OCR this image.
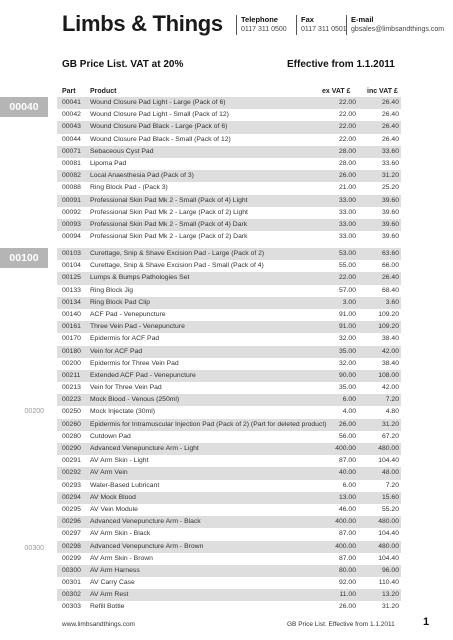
Limbs & Things Telephone
0117 311 0500
Fax
0117 311 0501
E-mail
gbsales@limbsandthings.com
GB Price List. VAT at 20%	Effective from 1.1.2011
Part Product	ex VAT £ inc VAT £
00040
00100
00200
00300
00041 Wound Closure Pad Light - Large (Pack of 6)	22.00	26.40
00042 Wound Closure Pad Light - Small (Pack of 12)	22.00	26.40
00043 Wound Closure Pad Black - Large (Pack of 6)	22.00	26.40
00044 Wound Closure Pad Black - Small (Pack of 12)	22.00	26.40
00071 Sebaceous Cyst Pad	28.00	33.60
00081 Lipoma Pad	28.00	33.60
00082 Local Anaesthesia Pad (Pack of 3)	26.00	31.20
00088 Ring Block Pad - (Pack 3)	21.00	25.20
00091 Professional Skin Pad Mk 2 - Small (Pack of 4) Light	33.00	39.60
00092 Professional Skin Pad Mk 2 - Large (Pack of 2) Light	33.00	39.60
00093 Professional Skin Pad Mk 2 - Small (Pack of 4) Dark	33.00	39.60
00094 Professional Skin Pad Mk 2 - Large (Pack of 2) Dark	33.00	39.60
00103 Curettage, Snip & Shave Excision Pad - Large (Pack of 2)	53.00	63.60
00104 Curettage, Snip & Shave Excision Pad - Small (Pack of 4)	55.00	66.00
00125 Lumps & Bumps Pathologies Set	22.00	26.40
00133 Ring Block Jig	57.00	68.40
00134 Ring Block Pad Clip	3.00	3.60
00140 ACF Pad - Venepuncture	91.00	109.20
00161 Three Vein Pad - Venepuncture	91.00	109.20
00170 Epidermis for ACF Pad	32.00	38.40
00180 Vein for ACF Pad	35.00	42.00
00200 Epidermis for Three Vein Pad	32.00	38.40
00211 Extended ACF Pad - Venepuncture	90.00	108.00
00213 Vein for Three Vein Pad	35.00	42.00
00223 Mock Blood - Venous (250ml)	6.00	7.20
00250 Mock Injectate (30ml)	4.00	4.80
00260 Epidermis for Intramuscular Injection Pad (Pack of 2) (Part for deleted product) 26.00	31.20
00280 Cutdown Pad	56.00	67.20
00290 Advanced Venepuncture Arm - Light	400.00	480.00
00291 AV Arm Skin - Light	87.00	104.40
00292 AV Arm Vein	40.00	48.00
00293 Water-Based Lubricant	6.00	7.20
00294 AV Mock Blood	13.00	15.60
00295 AV Vein Module	46.00	55.20
00296 Advanced Venepuncture Arm - Black	400.00	480.00
00297 AV Arm Skin - Black	87.00	104.40
00298 Advanced Venepuncture Arm - Brown	400.00	480.00
00299 AV Arm Skin - Brown	87.00	104.40
00300 AV Arm Harness	80.00	96.00
00301 AV Carry Case	92.00	110.40
00302 AV Arm Rest	11.00	13.20
00303 Refill Bottle	26.00	31.20
www.limbsandthings.com	GB Price List. Effective from 1.1.2011	1
